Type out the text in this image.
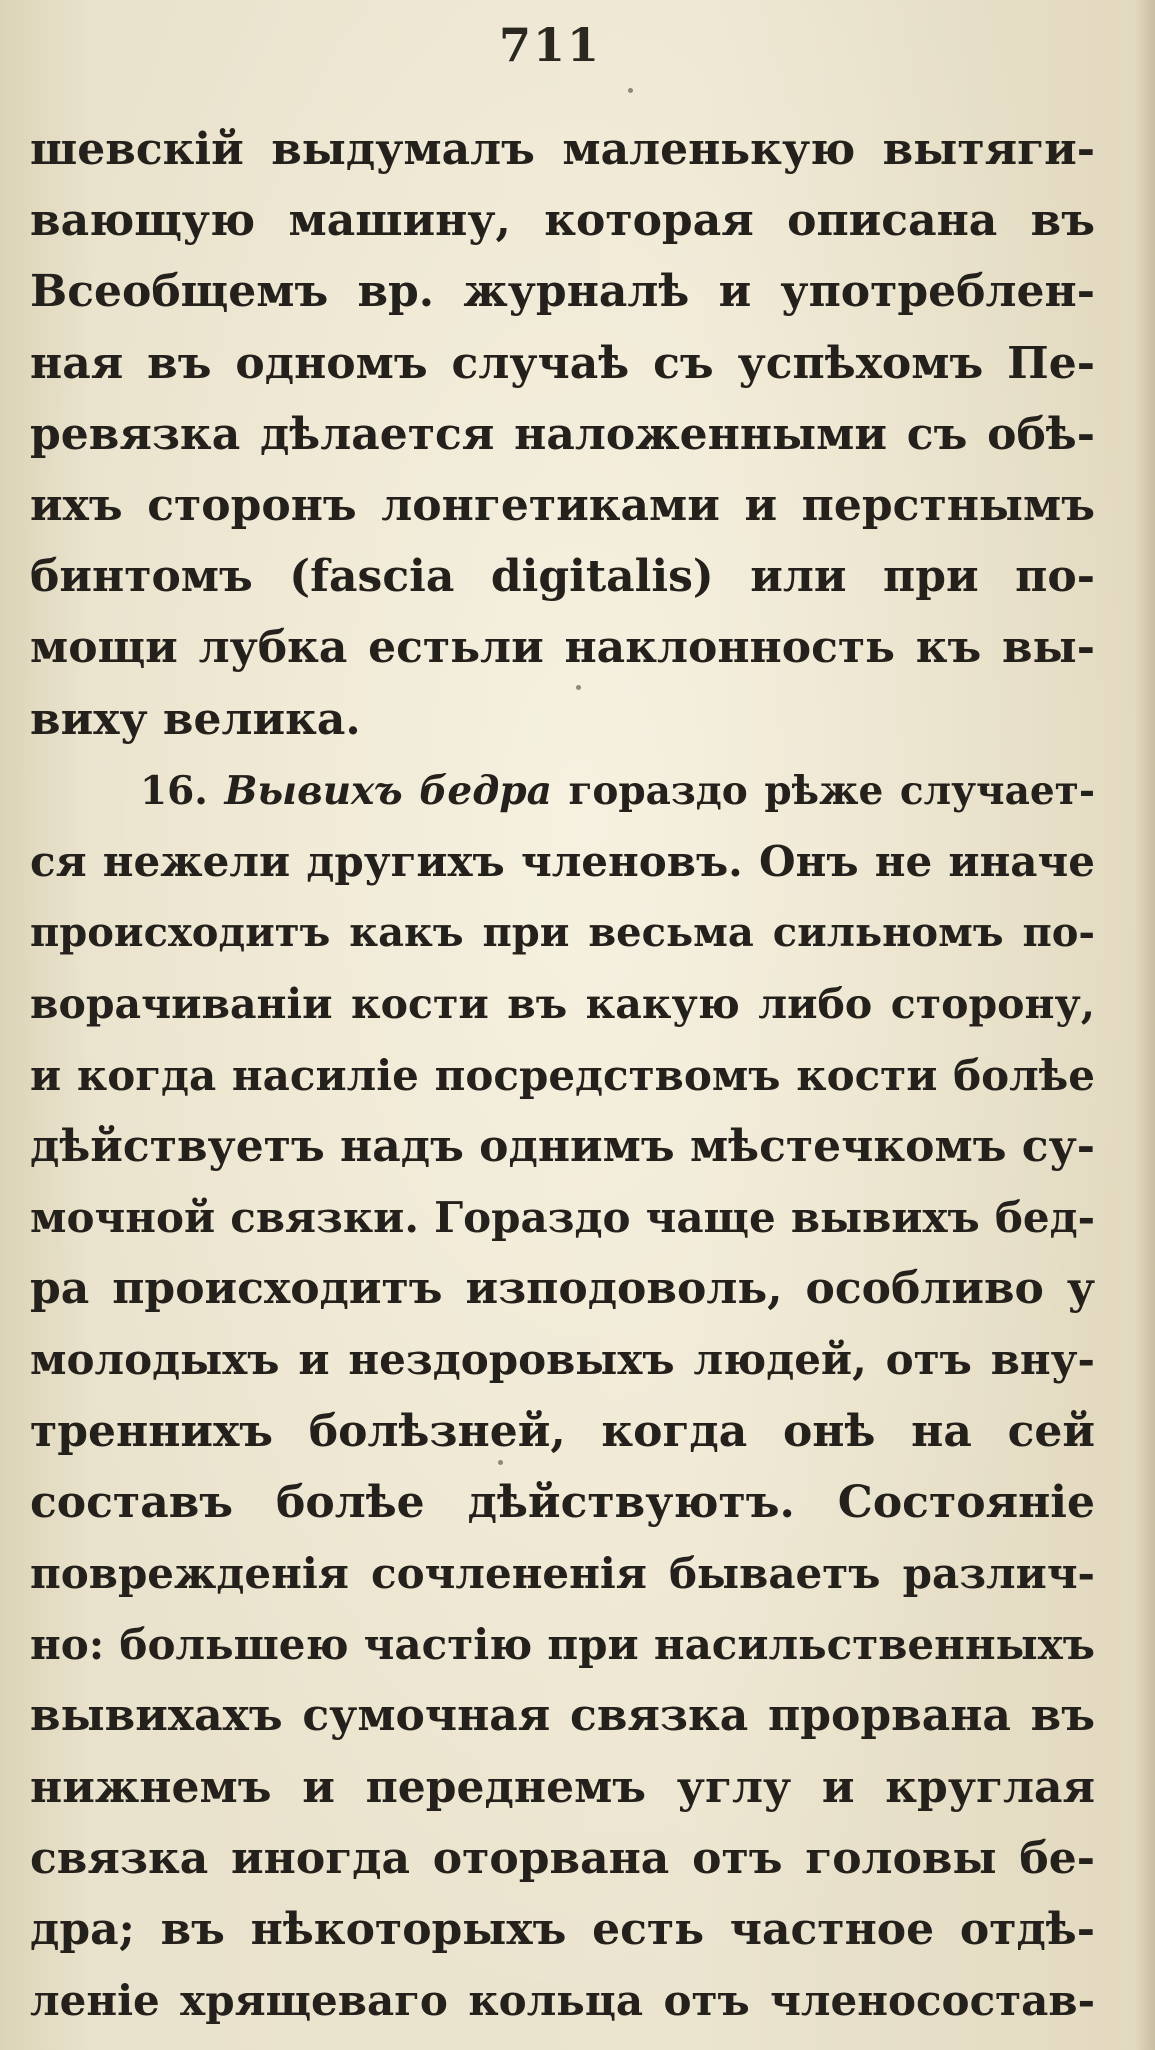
711
шевскій выдумалъ маленькую вытяги-
вающую машину, которая описана въ
Всеобщемъ вр. журналѣ и употреблен-
ная въ одномъ случаѣ съ успѣхомъ Пе-
ревязка дѣлается наложенными съ обѣ-
ихъ сторонъ лонгетиками и перстнымъ
бинтомъ (fascia digitalis) или при по-
мощи лубка естьли наклонность къ вы-
виху велика.
16. Вывихъ бедра гораздо рѣже случает-
ся нежели другихъ членовъ. Онъ не иначе
происходитъ какъ при весьма сильномъ по-
ворачиваніи кости въ какую либо сторону,
и когда насиліе посредствомъ кости болѣе
дѣйствуетъ надъ однимъ мѣстечкомъ су-
мочной связки. Гораздо чаще вывихъ бед-
ра происходитъ изподоволь, особливо у
молодыхъ и нездоровыхъ людей, отъ вну-
треннихъ болѣзней, когда онѣ на сей
составъ болѣе дѣйствуютъ. Состояніе
поврежденія сочлененія бываетъ различ-
но: большею частію при насильственныхъ
вывихахъ сумочная связка прорвана въ
нижнемъ и переднемъ углу и круглая
связка иногда оторвана отъ головы бе-
дра; въ нѣкоторыхъ есть частное отдѣ-
леніе хрящеваго кольца отъ членосостав-
